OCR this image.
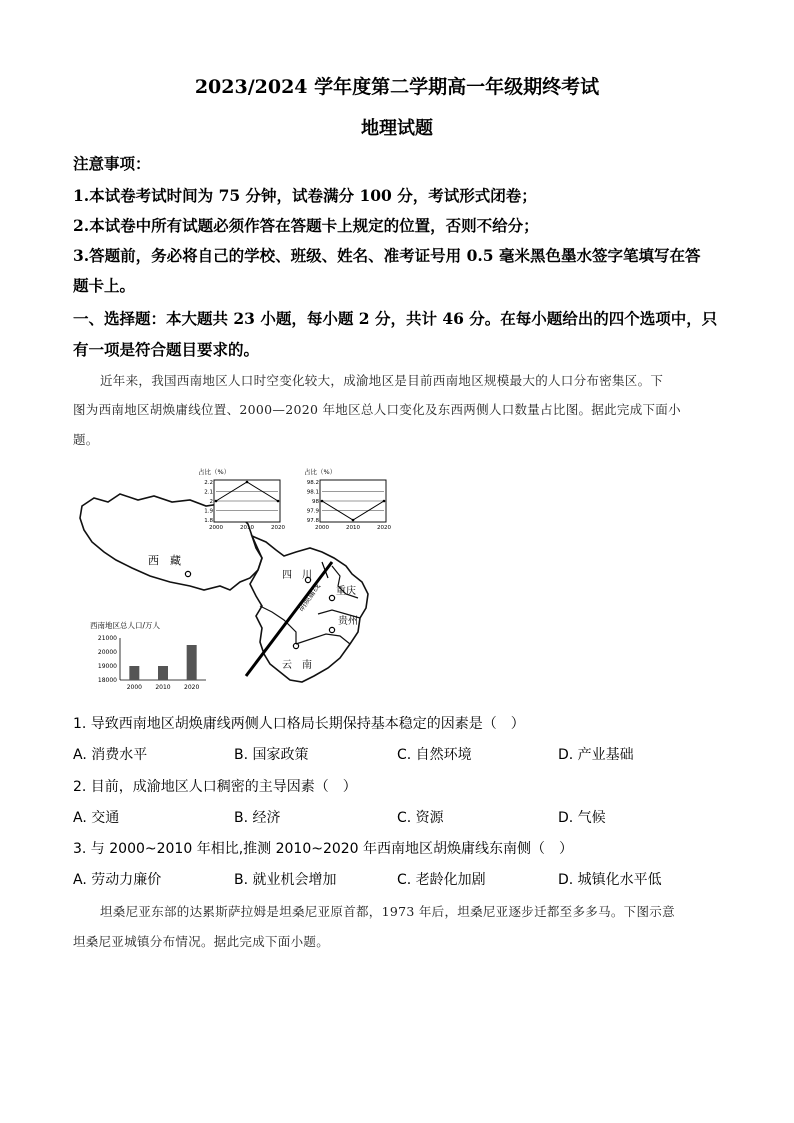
2023/2024 学年度第二学期高一年级期终考试
地理试题
注意事项：
1.本试卷考试时间为 75 分钟，试卷满分 100 分，考试形式闭卷；
2.本试卷中所有试题必须作答在答题卡上规定的位置，否则不给分；
3.答题前，务必将自己的学校、班级、姓名、准考证号用 0.5 毫米黑色墨水签字笔填写在答
题卡上。
一、选择题：本大题共 23 小题，每小题 2 分，共计 46 分。在每小题给出的四个选项中，只
有一项是符合题目要求的。
近年来，我国西南地区人口时空变化较大，成渝地区是目前西南地区规模最大的人口分布密集区。下
图为西南地区胡焕庸线位置、2000—2020 年地区总人口变化及东西两侧人口数量占比图。据此完成下面小
题。
西　藏
四　川
重庆
贵州
云　南
胡焕庸线
占比（%）
2.2
2.1
2
1.9
1.8
2000	2010	2020
占比（%）
98.2
98.1
98
97.9
97.8
2000	2010	2020
西南地区总人口/万人
21000
20000
19000
18000
2000 2010 2020
1. 导致西南地区胡焕庸线两侧人口格局长期保持基本稳定的因素是（　）
A. 消费水平	B. 国家政策	C. 自然环境	D. 产业基础
2. 目前，成渝地区人口稠密的主导因素（　）
A. 交通	B. 经济	C. 资源	D. 气候
3. 与 2000~2010 年相比,推测 2010~2020 年西南地区胡焕庸线东南侧（　）
A. 劳动力廉价	B. 就业机会增加	C. 老龄化加剧	D. 城镇化水平低
坦桑尼亚东部的达累斯萨拉姆是坦桑尼亚原首都，1973 年后，坦桑尼亚逐步迁都至多多马。下图示意
坦桑尼亚城镇分布情况。据此完成下面小题。
